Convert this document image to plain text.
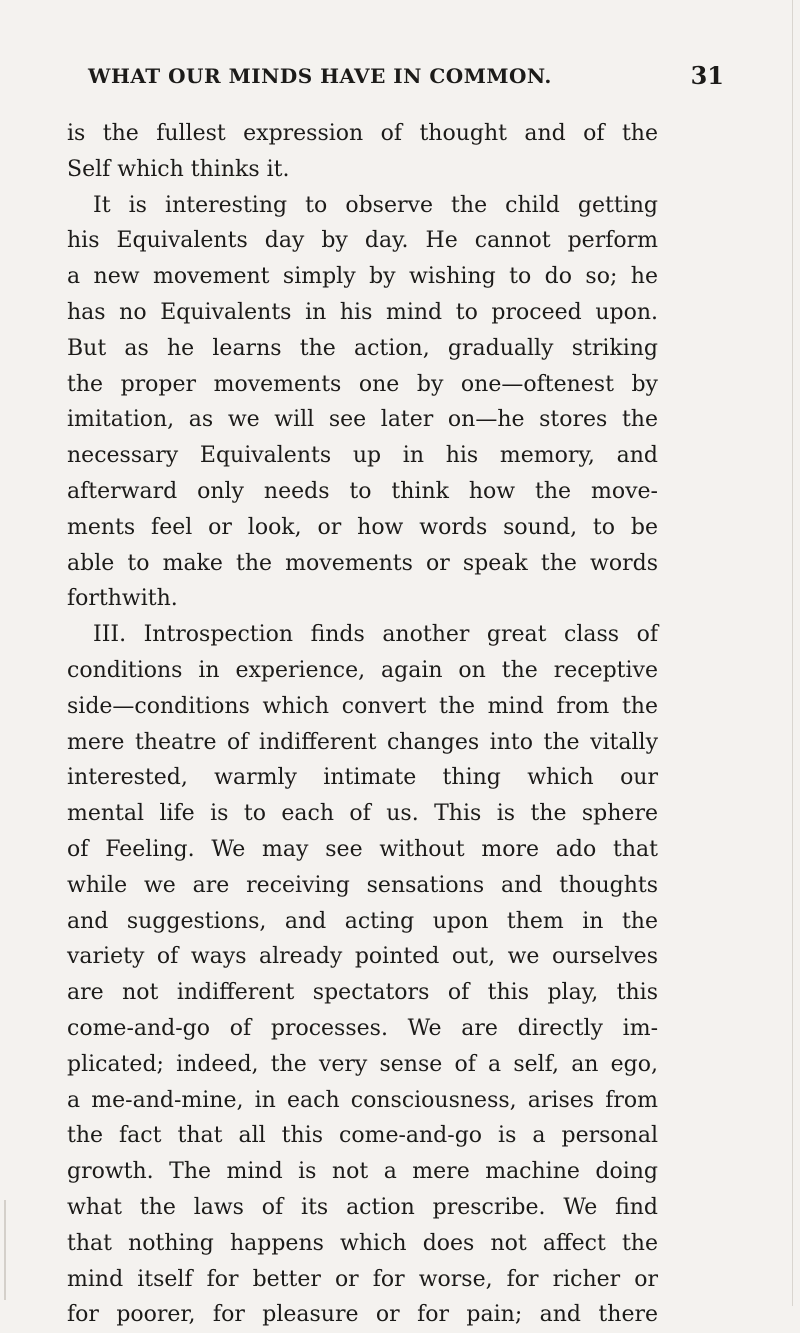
WHAT OUR MINDS HAVE IN COMMON.	31
is the fullest expression of thought and of the
Self which thinks it.
It is interesting to observe the child getting
his Equivalents day by day. He cannot perform
a new movement simply by wishing to do so; he
has no Equivalents in his mind to proceed upon.
But as he learns the action, gradually striking
the proper movements one by one—oftenest by
imitation, as we will see later on—he stores the
necessary Equivalents up in his memory, and
afterward only needs to think how the move-
ments feel or look, or how words sound, to be
able to make the movements or speak the words
forthwith.
III. Introspection finds another great class of
conditions in experience, again on the receptive
side—conditions which convert the mind from the
mere theatre of indifferent changes into the vitally
interested, warmly intimate thing which our
mental life is to each of us. This is the sphere
of Feeling. We may see without more ado that
while we are receiving sensations and thoughts
and suggestions, and acting upon them in the
variety of ways already pointed out, we ourselves
are not indifferent spectators of this play, this
come-and-go of processes. We are directly im-
plicated; indeed, the very sense of a self, an ego,
a me-and-mine, in each consciousness, arises from
the fact that all this come-and-go is a personal
growth. The mind is not a mere machine doing
what the laws of its action prescribe. We find
that nothing happens which does not affect the
mind itself for better or for worse, for richer or
for poorer, for pleasure or for pain; and there
